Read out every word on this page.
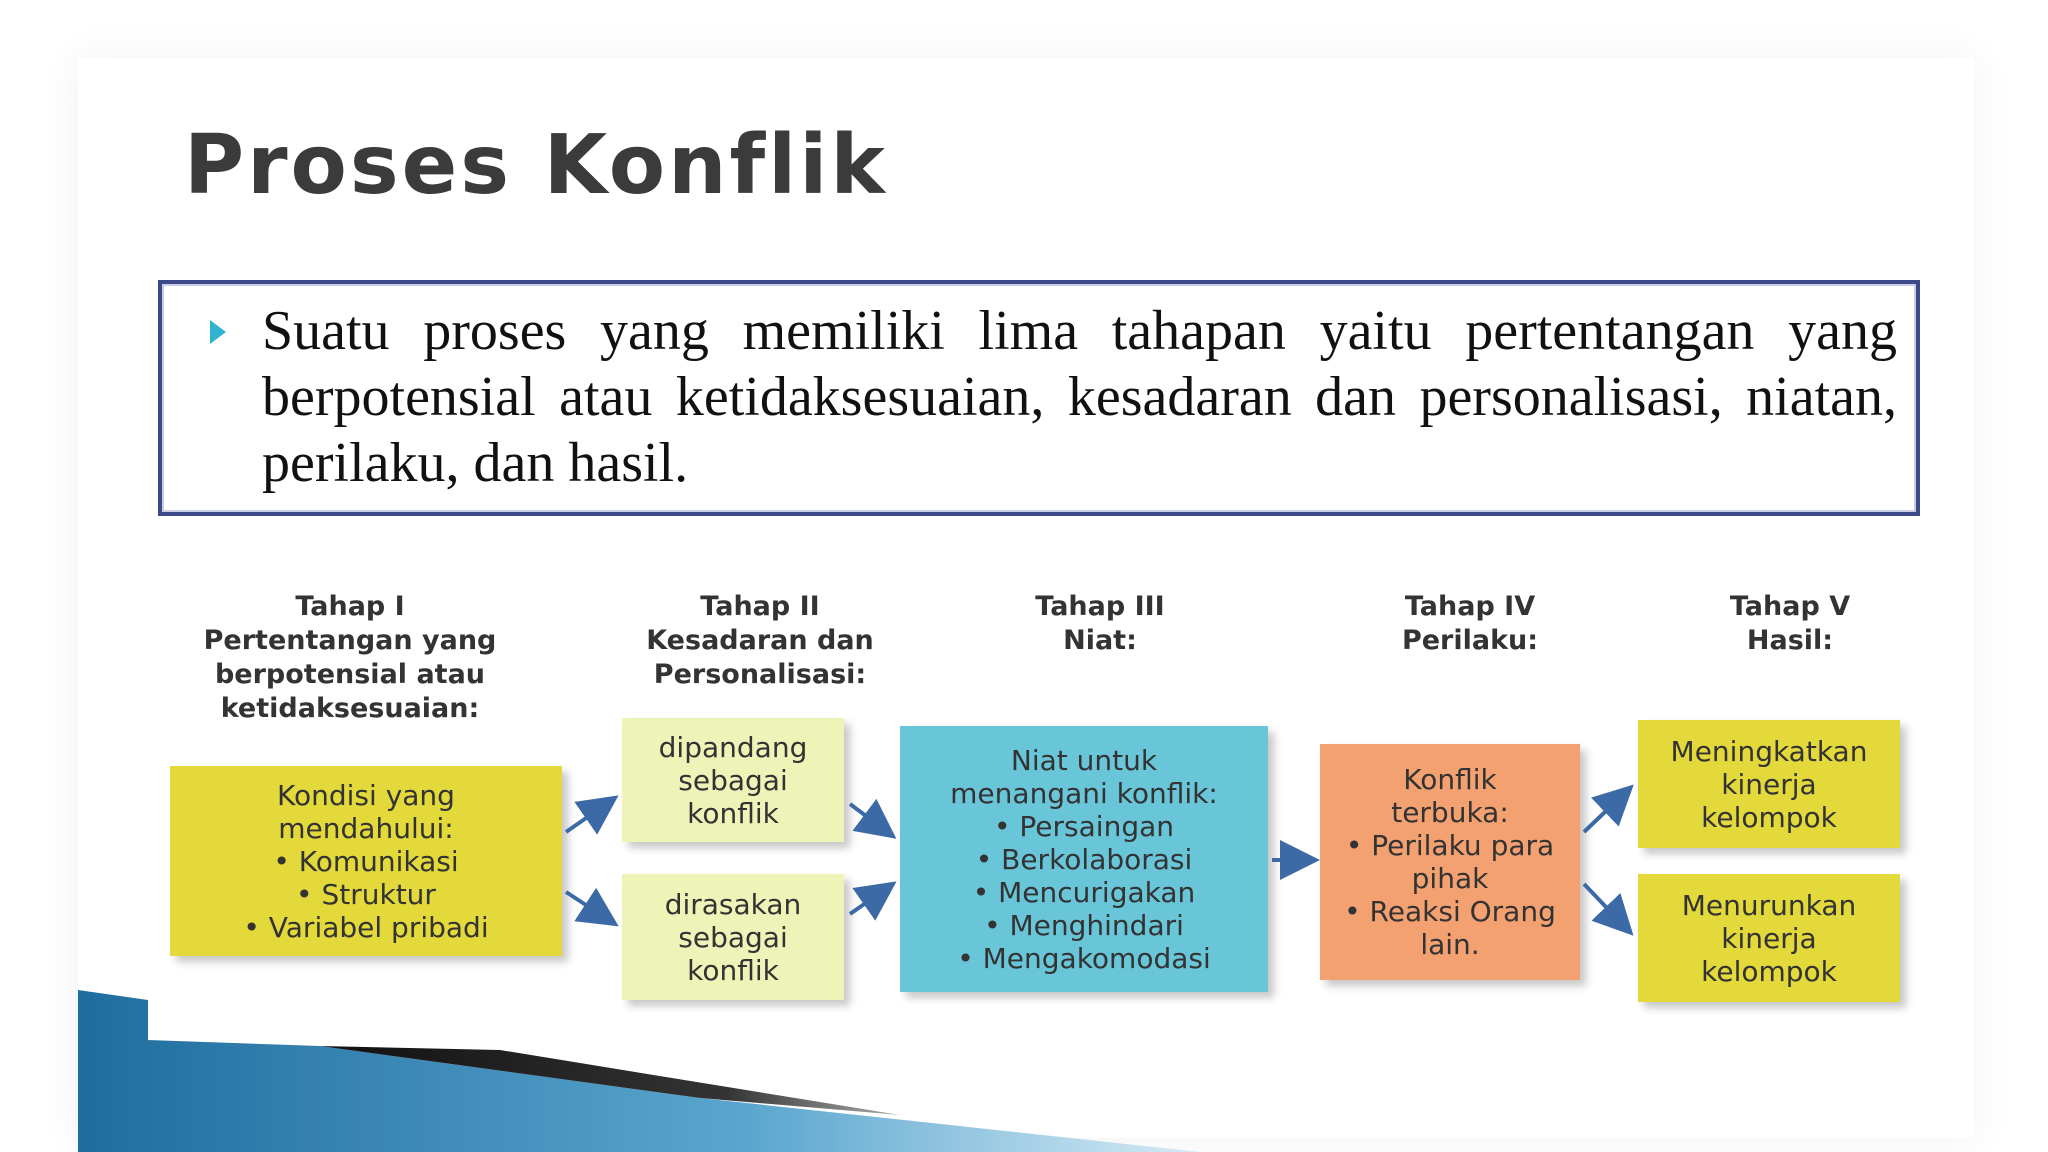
Proses Konflik
Suatu proses yang memiliki lima tahapan yaitu pertentangan yang berpotensial atau ketidaksesuaian, kesadaran dan personalisasi, niatan, perilaku, dan hasil.
Tahap I
Pertentangan yang
berpotensial atau
ketidaksesuaian:
Tahap II
Kesadaran dan
Personalisasi:
Tahap III
Niat:
Tahap IV
Perilaku:
Tahap V
Hasil:
Kondisi yang
mendahului:
• Komunikasi
• Struktur
• Variabel pribadi
dipandang
sebagai
konflik
dirasakan
sebagai
konflik
Niat untuk
menangani konflik:
• Persaingan
• Berkolaborasi
• Mencurigakan
• Menghindari
• Mengakomodasi
Konflik
terbuka:
• Perilaku para
pihak
• Reaksi Orang
lain.
Meningkatkan
kinerja
kelompok
Menurunkan
kinerja
kelompok
